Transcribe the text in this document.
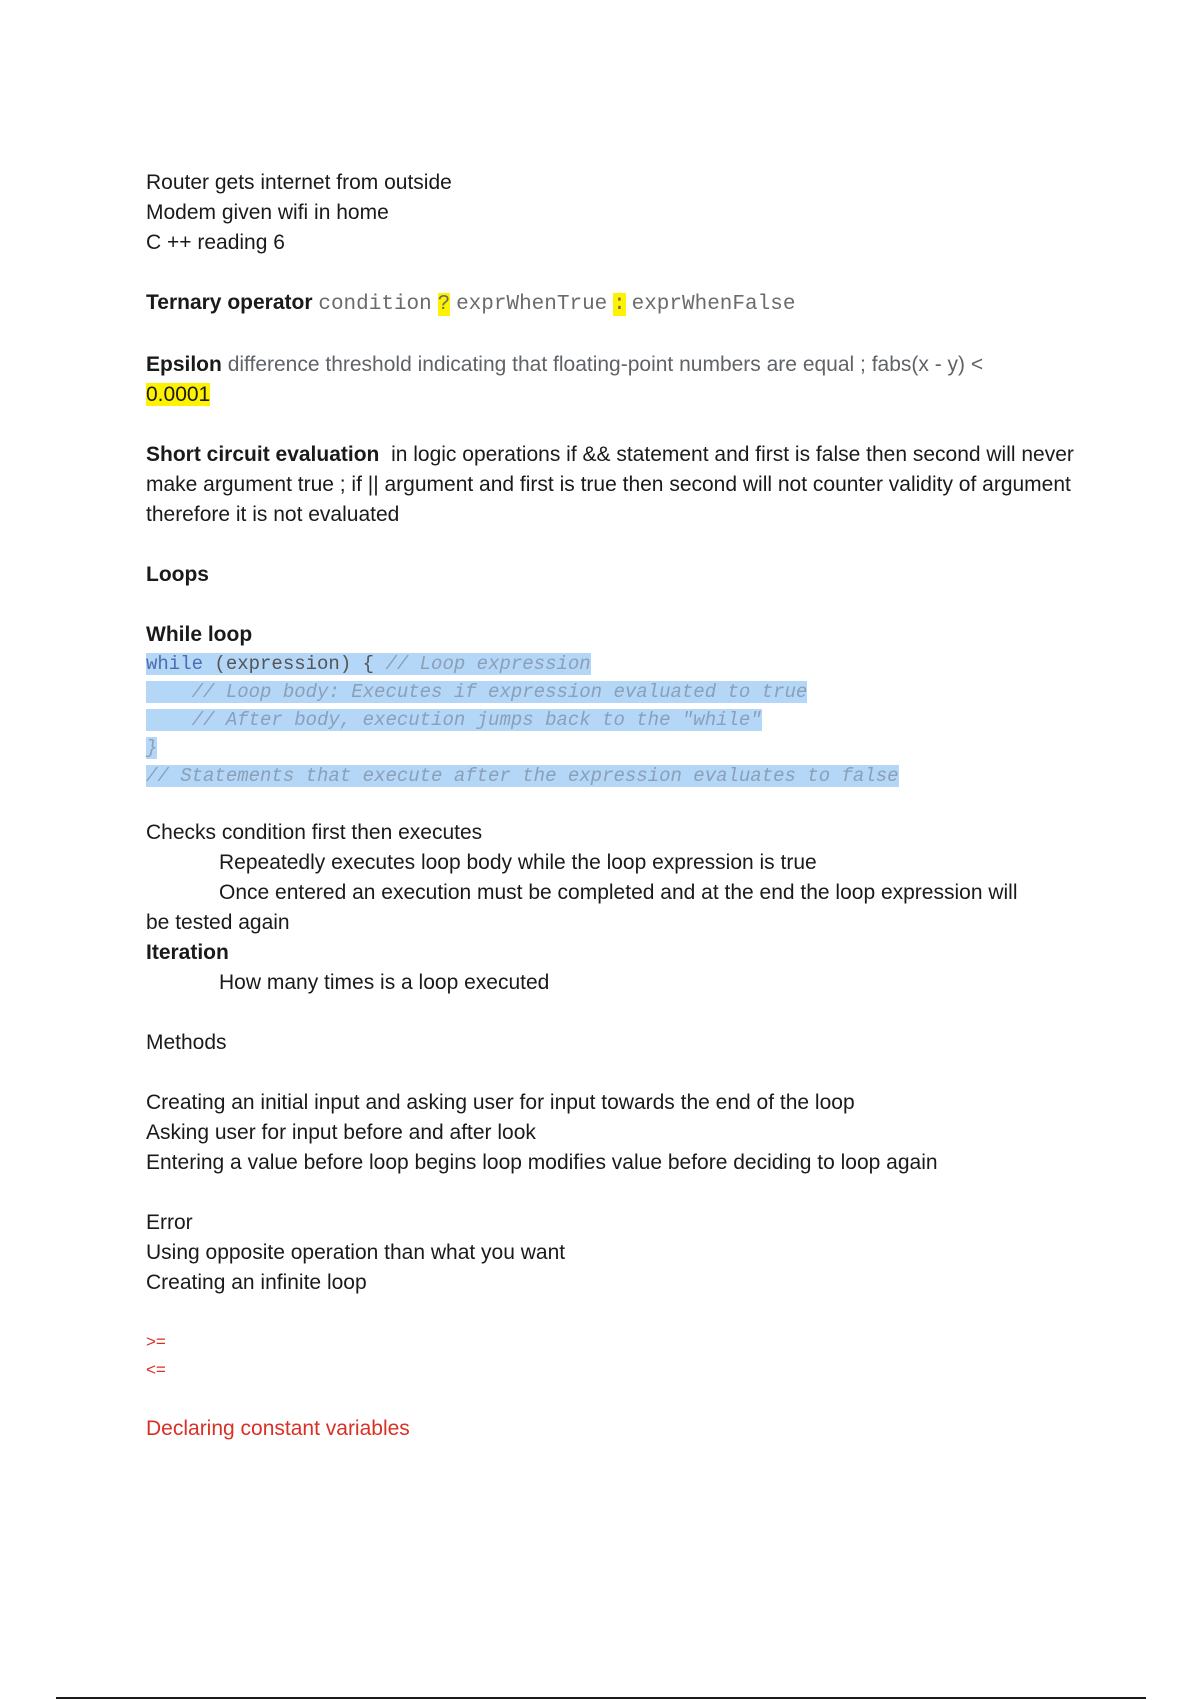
Router gets internet from outside
Modem given wifi in home
C ++ reading 6
Ternary operator condition ? exprWhenTrue : exprWhenFalse
Epsilon difference threshold indicating that floating-point numbers are equal ; fabs(x - y) <
0.0001
Short circuit evaluation in logic operations if && statement and first is false then second will never make argument true ; if || argument and first is true then second will not counter validity of argument therefore it is not evaluated
Loops
While loop
while (expression) { // Loop expression
// Loop body: Executes if expression evaluated to true
// After body, execution jumps back to the "while"
}
// Statements that execute after the expression evaluates to false
Checks condition first then executes
Repeatedly executes loop body while the loop expression is true
Once entered an execution must be completed and at the end the loop expression will
be tested again
Iteration
How many times is a loop executed
Methods
Creating an initial input and asking user for input towards the end of the loop
Asking user for input before and after look
Entering a value before loop begins loop modifies value before deciding to loop again
Error
Using opposite operation than what you want
Creating an infinite loop
>=
<=
Declaring constant variables
